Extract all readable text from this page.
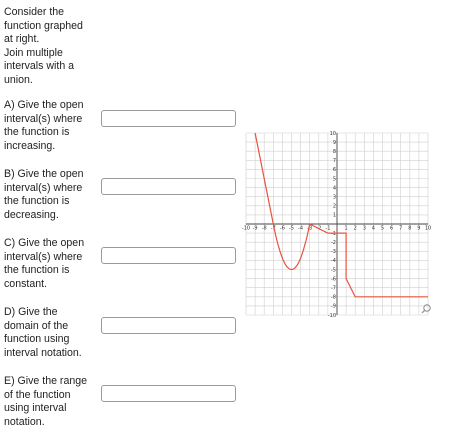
Consider the
function graphed
at right.
Join multiple
intervals with a
union.
A) Give the open
interval(s) where
the function is
increasing.
B) Give the open
interval(s) where
the function is
decreasing.
C) Give the open
interval(s) where
the function is
constant.
D) Give the
domain of the
function using
interval notation.
E) Give the range
of the function
using interval
notation.
-10 -9 -8 -7 -6 -5 -4 -3 -2 -1	1 2 3 4 5 6 7 8 9 10
10
9
8
7
6
5
4
3
2
1
-1
-2
-3
-4
-5
-6
-7
-8
-9
-10
